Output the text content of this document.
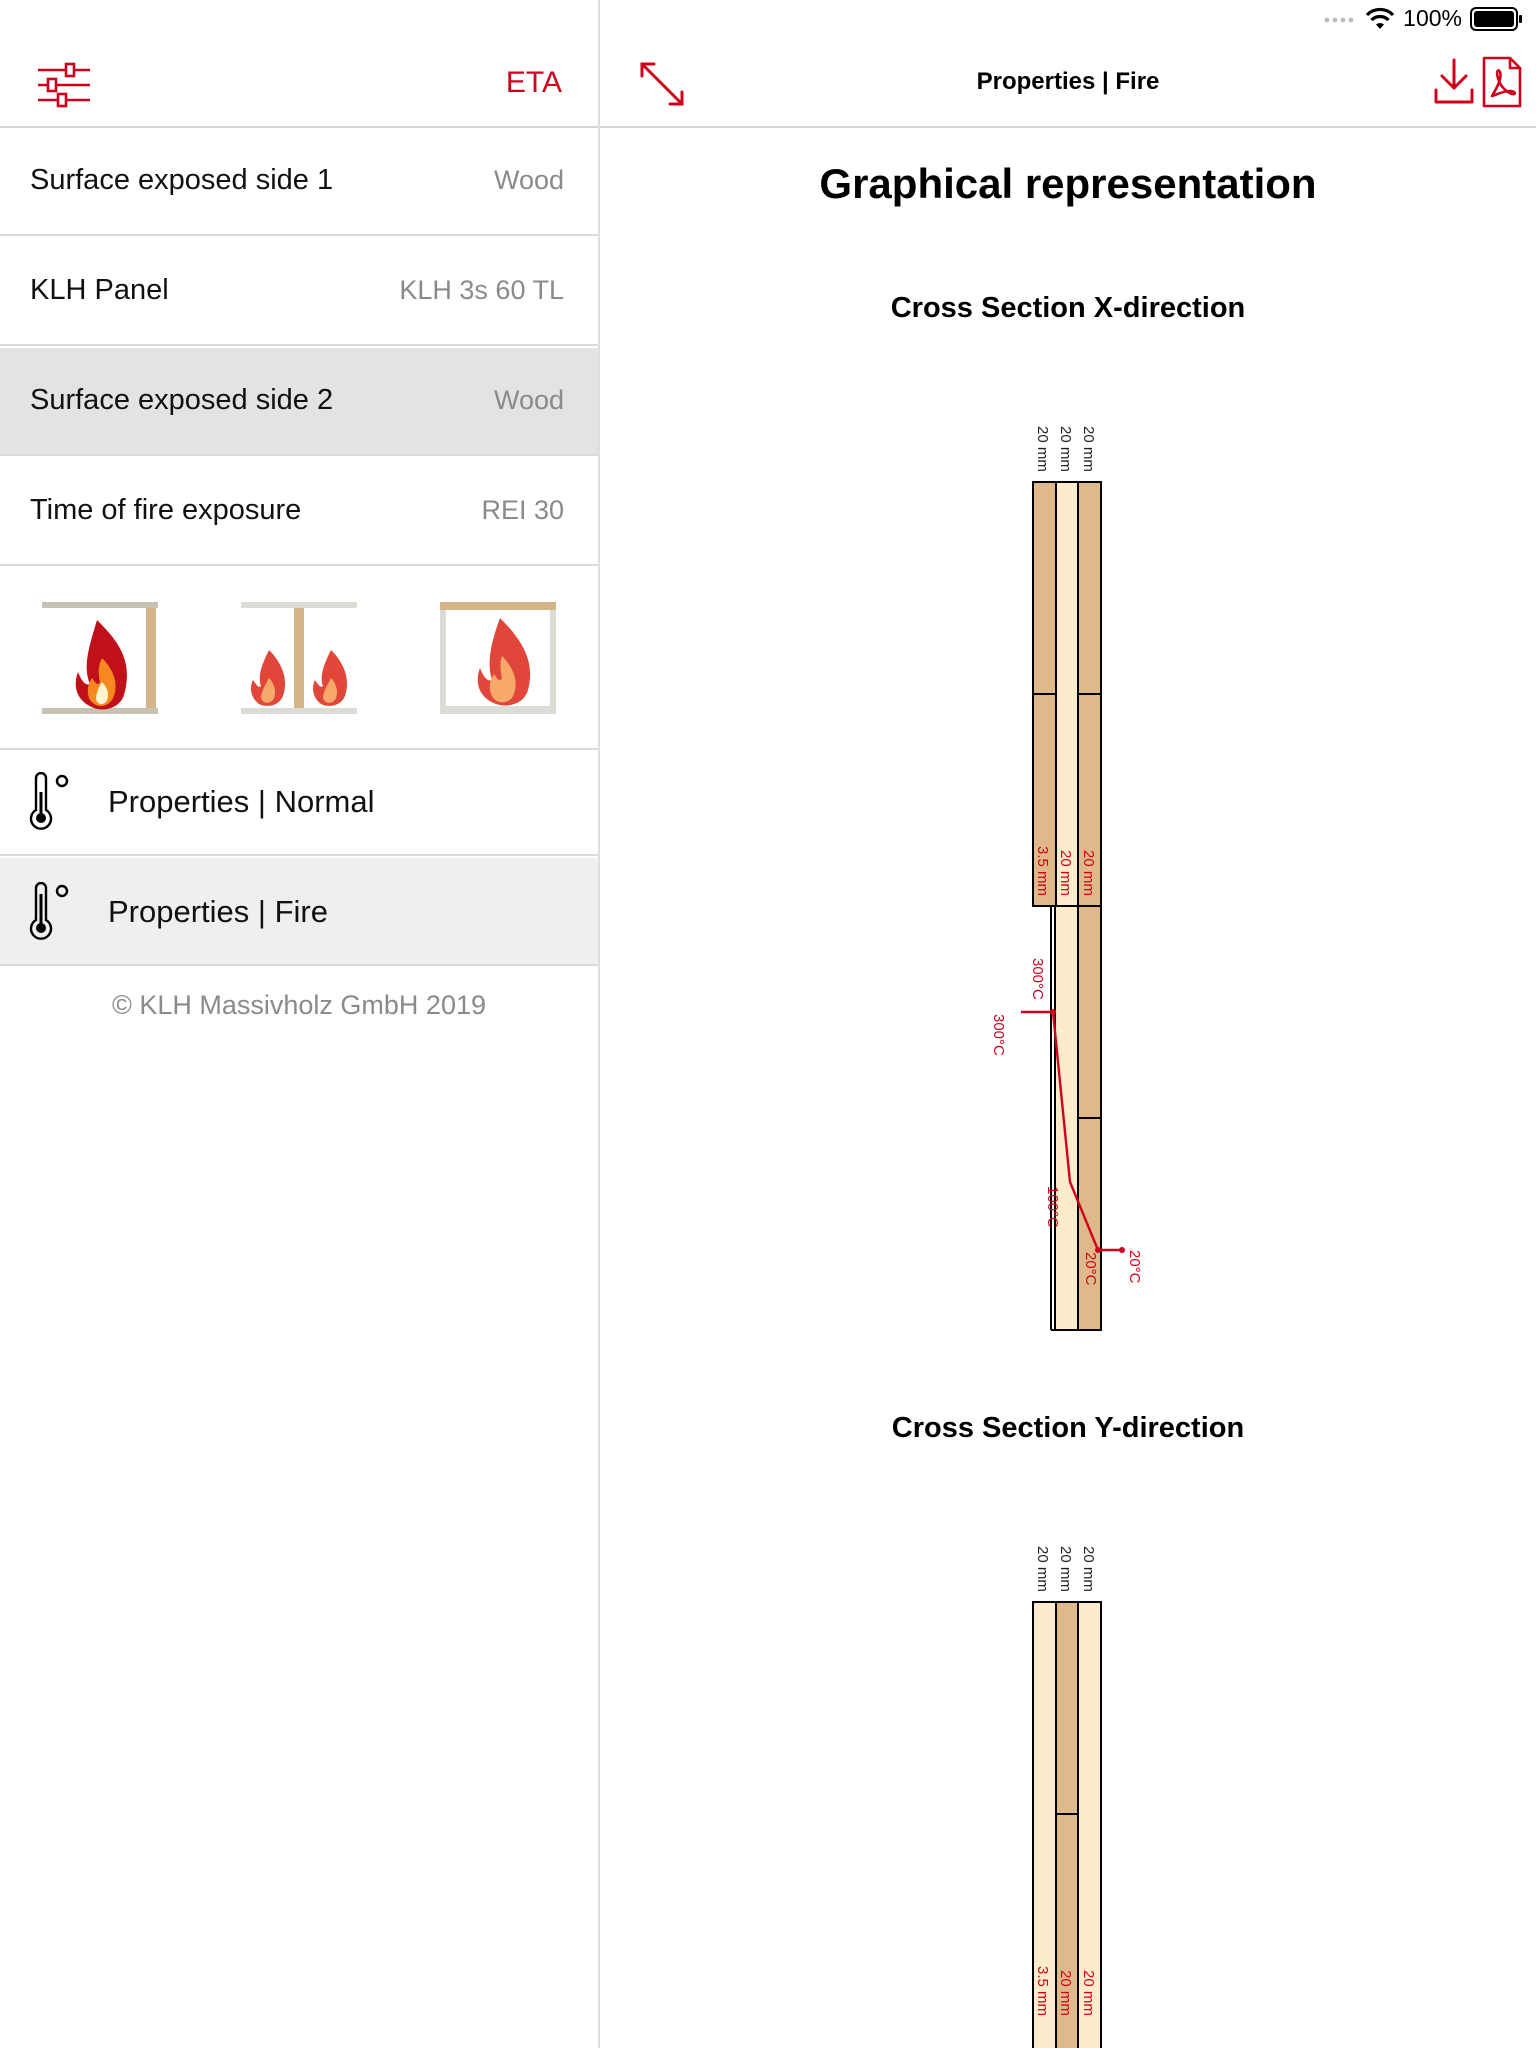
100%
ETA
Surface exposed side 1	Wood
KLH Panel	KLH 3s 60 TL
Surface exposed side 2	Wood
Time of fire exposure	REI 30
Properties | Normal
Properties | Fire
© KLH Massivholz GmbH 2019
Properties | Fire
Graphical representation
Cross Section X-direction
20 mm 20 mm 20 mm
3.5 mm 20 mm 20 mm
300°C
300°C
100°C
20°C 20°C
Cross Section Y-direction
20 mm 20 mm 20 mm
3.5 mm 20 mm 20 mm
